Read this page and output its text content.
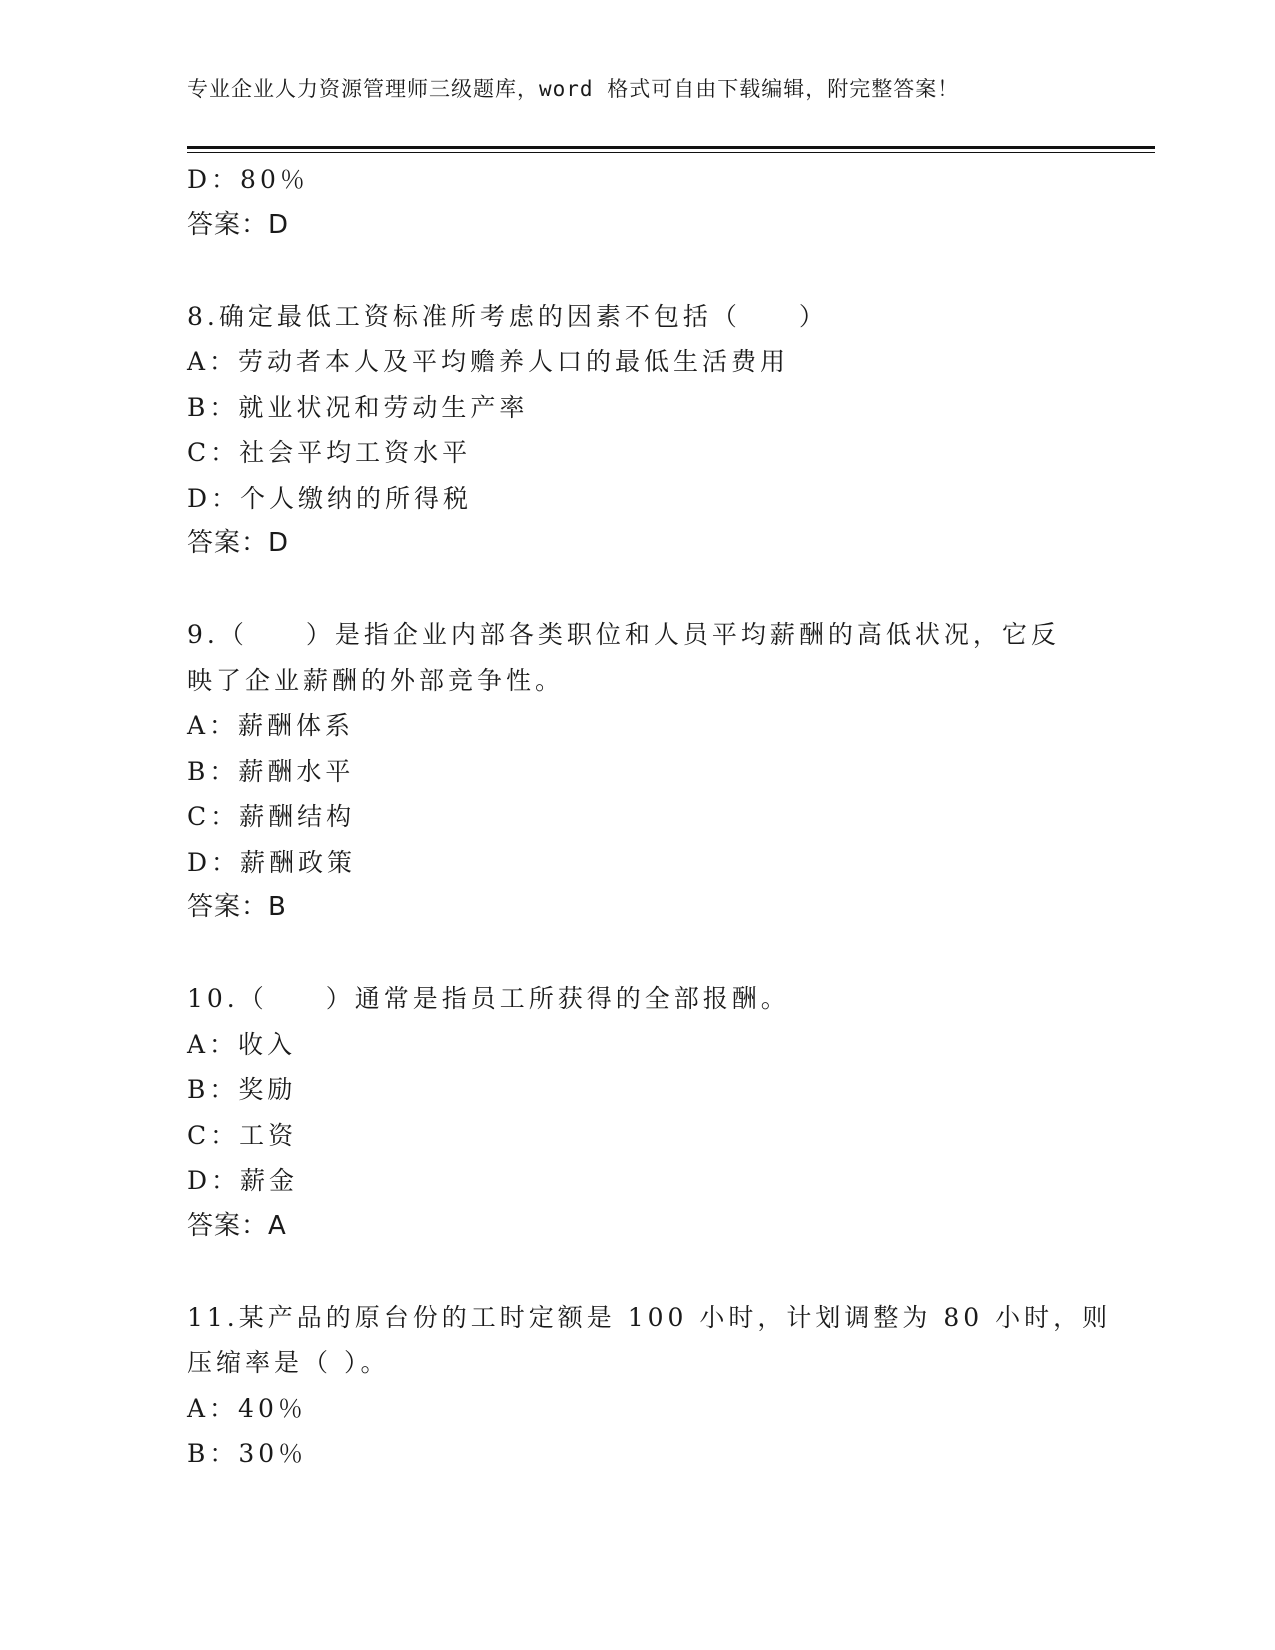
专业企业人力资源管理师三级题库，word 格式可自由下载编辑，附完整答案！
D：80％
答案：D
8.确定最低工资标准所考虑的因素不包括（　　）
A：劳动者本人及平均赡养人口的最低生活费用
B：就业状况和劳动生产率
C：社会平均工资水平
D：个人缴纳的所得税
答案：D
9.（　　）是指企业内部各类职位和人员平均薪酬的高低状况，它反
映了企业薪酬的外部竞争性。
A：薪酬体系
B：薪酬水平
C：薪酬结构
D：薪酬政策
答案：B
10.（　　）通常是指员工所获得的全部报酬。
A：收入
B：奖励
C：工资
D：薪金
答案：A
11.某产品的原台份的工时定额是 100 小时，计划调整为 80 小时，则
压缩率是（ ）。
A：40％
B：30％
